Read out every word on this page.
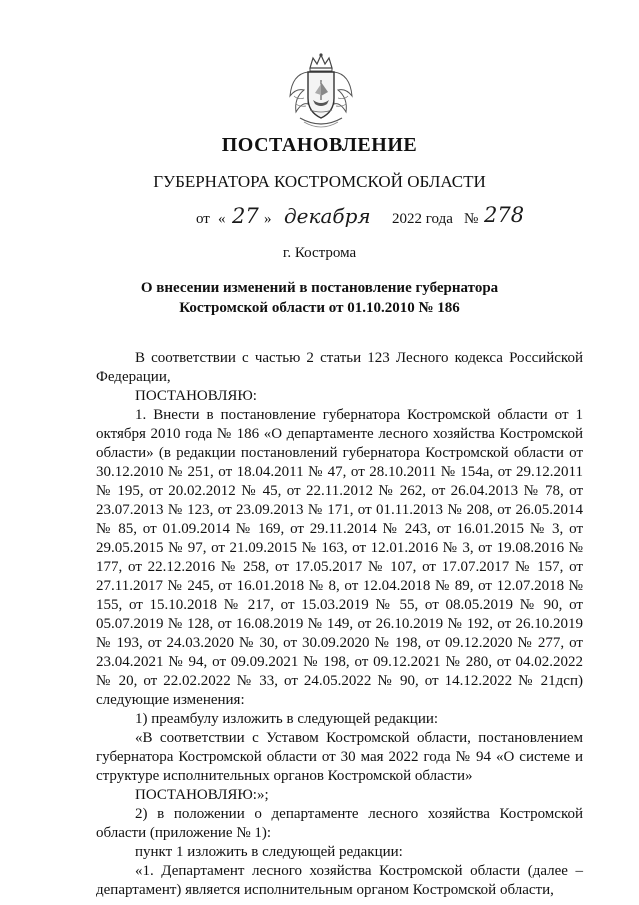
ПОСТАНОВЛЕНИЕ
ГУБЕРНАТОРА КОСТРОМСКОЙ ОБЛАСТИ
от « 27 » декабря 2022 года № 278
г. Кострома
О внесении изменений в постановление губернатора
Костромской области от 01.10.2010 № 186

В соответствии с частью 2 статьи 123 Лесного кодекса Российской Федерации,

ПОСТАНОВЛЯЮ:

1. Внести в постановление губернатора Костромской области от 1 октября 2010 года № 186 «О департаменте лесного хозяйства Костромской области» (в редакции постановлений губернатора Костромской области от 30.12.2010 № 251, от 18.04.2011 № 47, от 28.10.2011 № 154а, от 29.12.2011 № 195, от 20.02.2012 № 45, от 22.11.2012 № 262, от 26.04.2013 № 78, от 23.07.2013 № 123, от 23.09.2013 № 171, от 01.11.2013 № 208, от 26.05.2014 № 85, от 01.09.2014 № 169, от 29.11.2014 № 243, от 16.01.2015 № 3, от 29.05.2015 № 97, от 21.09.2015 № 163, от 12.01.2016 № 3, от 19.08.2016 № 177, от 22.12.2016 № 258, от 17.05.2017 № 107, от 17.07.2017 № 157, от 27.11.2017 № 245, от 16.01.2018 № 8, от 12.04.2018 № 89, от 12.07.2018 № 155, от 15.10.2018 № 217, от 15.03.2019 № 55, от 08.05.2019 № 90, от 05.07.2019 № 128, от 16.08.2019 № 149, от 26.10.2019 № 192, от 26.10.2019 № 193, от 24.03.2020 № 30, от 30.09.2020 № 198, от 09.12.2020 № 277, от 23.04.2021 № 94, от 09.09.2021 № 198, от 09.12.2021 № 280, от 04.02.2022 № 20, от 22.02.2022 № 33, от 24.05.2022 № 90, от 14.12.2022 № 21дсп) следующие изменения:

1) преамбулу изложить в следующей редакции:

«В соответствии с Уставом Костромской области, постановлением губернатора Костромской области от 30 мая 2022 года № 94 «О системе и структуре исполнительных органов Костромской области»

ПОСТАНОВЛЯЮ:»;

2) в положении о департаменте лесного хозяйства Костромской области (приложение № 1):

пункт 1 изложить в следующей редакции:

«1. Департамент лесного хозяйства Костромской области (далее – департамент) является исполнительным органом Костромской области,
